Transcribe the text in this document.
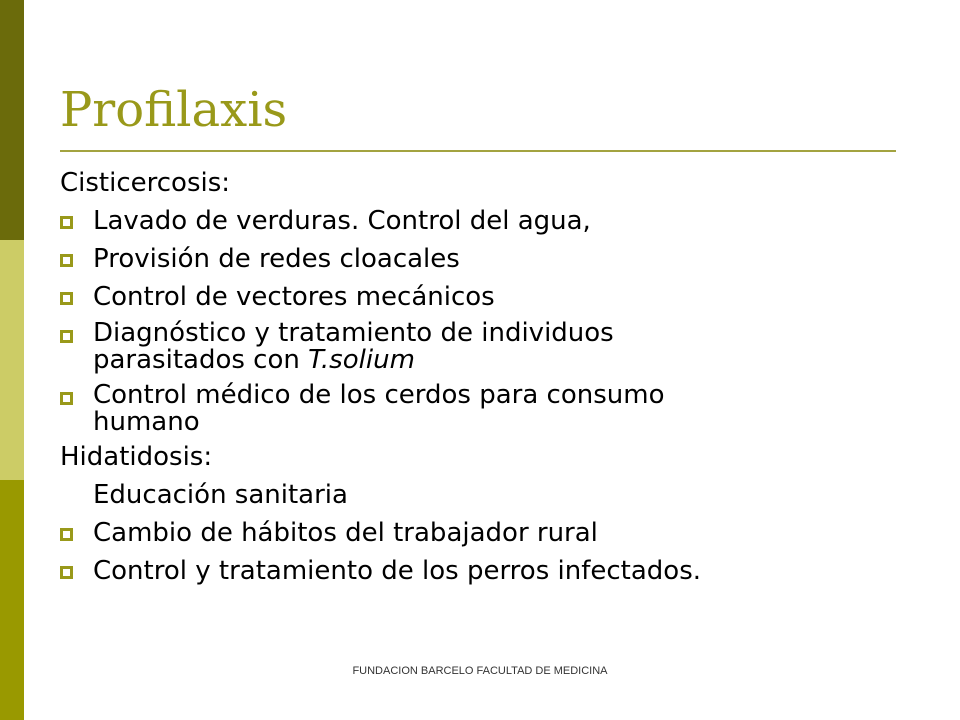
Profilaxis
Cisticercosis:
Lavado de verduras. Control del agua,
Provisión de redes cloacales
Control de vectores mecánicos
Diagnóstico y tratamiento de individuos
parasitados con T.solium
Control médico de los cerdos para consumo
humano
Hidatidosis:
Educación sanitaria
Cambio de hábitos del trabajador rural
Control y tratamiento de los perros infectados.
FUNDACION BARCELO FACULTAD DE MEDICINA
